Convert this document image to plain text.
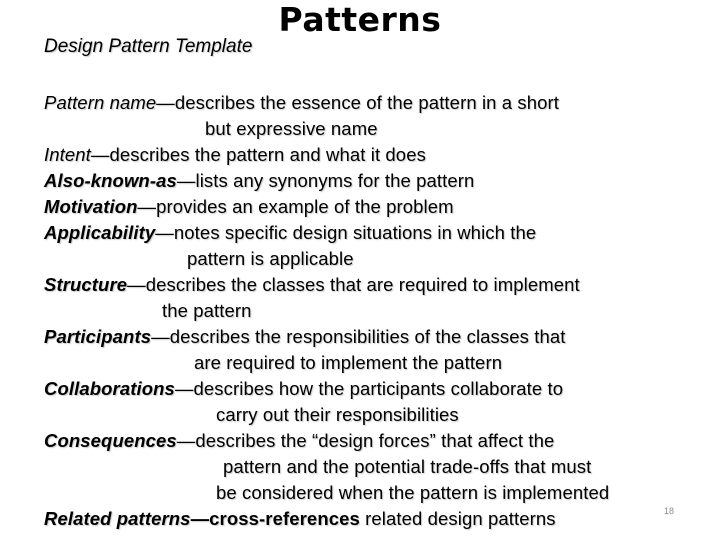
Patterns
Design Pattern Template
Pattern name—describes the essence of the pattern in a short
but expressive name
Intent—describes the pattern and what it does
Also-known-as—lists any synonyms for the pattern
Motivation—provides an example of the problem
Applicability—notes specific design situations in which the
pattern is applicable
Structure—describes the classes that are required to implement
the pattern
Participants—describes the responsibilities of the classes that
are required to implement the pattern
Collaborations—describes how the participants collaborate to
carry out their responsibilities
Consequences—describes the “design forces” that affect the
pattern and the potential trade-offs that must
be considered when the pattern is implemented
Related patterns—cross-references related design patterns	18
